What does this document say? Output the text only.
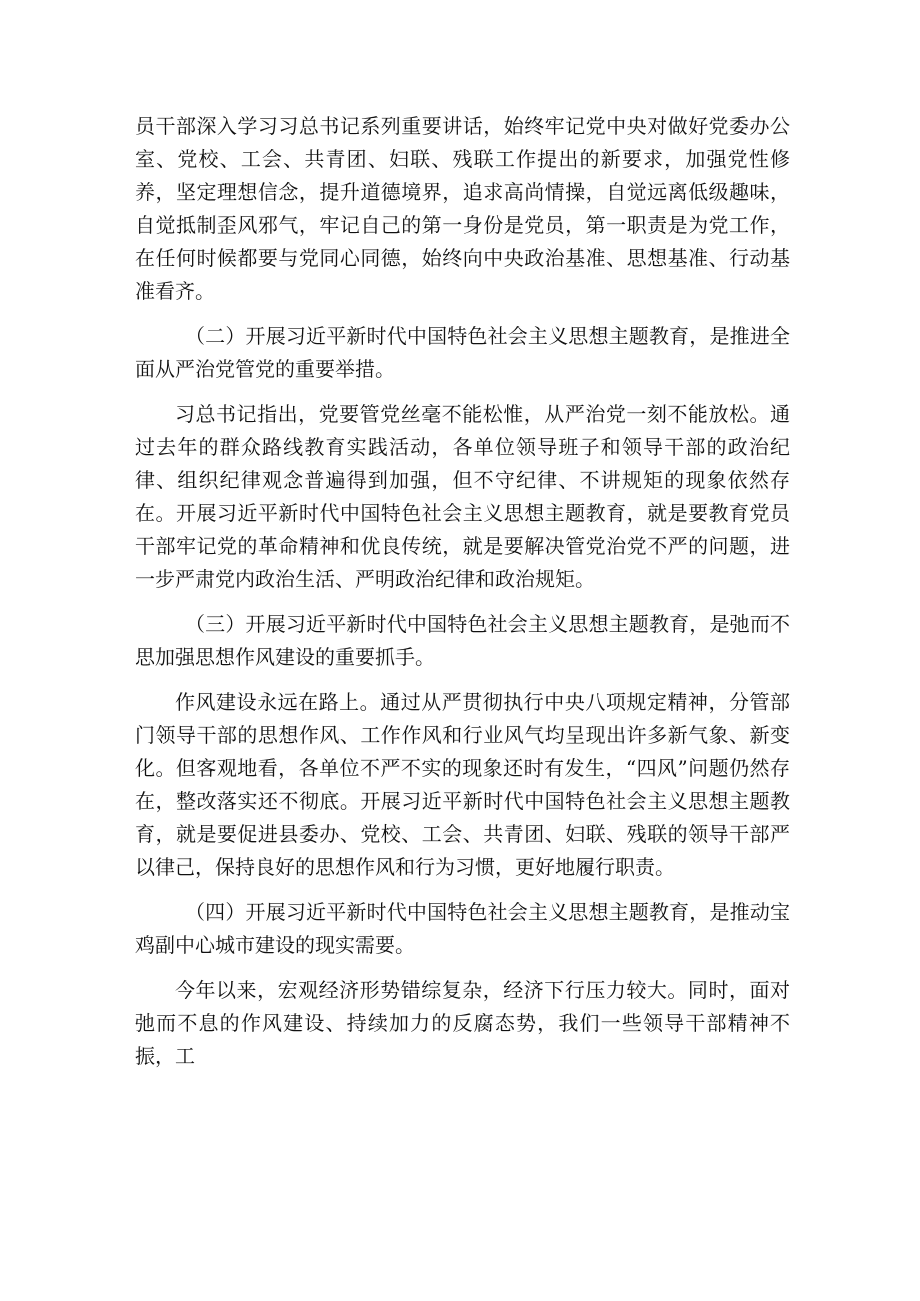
员干部深入学习习总书记系列重要讲话，始终牢记党中央对做好党委办公室、党校、工会、共青团、妇联、残联工作提出的新要求，加强党性修养，坚定理想信念，提升道德境界，追求高尚情操，自觉远离低级趣味，自觉抵制歪风邪气，牢记自己的第一身份是党员，第一职责是为党工作，在任何时候都要与党同心同德，始终向中央政治基准、思想基准、行动基准看齐。

（二）开展习近平新时代中国特色社会主义思想主题教育，是推进全面从严治党管党的重要举措。

习总书记指出，党要管党丝毫不能松惟，从严治党一刻不能放松。通过去年的群众路线教育实践活动，各单位领导班子和领导干部的政治纪律、组织纪律观念普遍得到加强，但不守纪律、不讲规矩的现象依然存在。开展习近平新时代中国特色社会主义思想主题教育，就是要教育党员干部牢记党的革命精神和优良传统，就是要解决管党治党不严的问题，进一步严肃党内政治生活、严明政治纪律和政治规矩。

（三）开展习近平新时代中国特色社会主义思想主题教育，是弛而不思加强思想作风建设的重要抓手。

作风建设永远在路上。通过从严贯彻执行中央八项规定精神，分管部门领导干部的思想作风、工作作风和行业风气均呈现出许多新气象、新变化。但客观地看，各单位不严不实的现象还时有发生，“四风”问题仍然存在，整改落实还不彻底。开展习近平新时代中国特色社会主义思想主题教育，就是要促进县委办、党校、工会、共青团、妇联、残联的领导干部严以律己，保持良好的思想作风和行为习惯，更好地履行职责。

（四）开展习近平新时代中国特色社会主义思想主题教育，是推动宝鸡副中心城市建设的现实需要。

今年以来，宏观经济形势错综复杂，经济下行压力较大。同时，面对弛而不息的作风建设、持续加力的反腐态势，我们一些领导干部精神不振，工
